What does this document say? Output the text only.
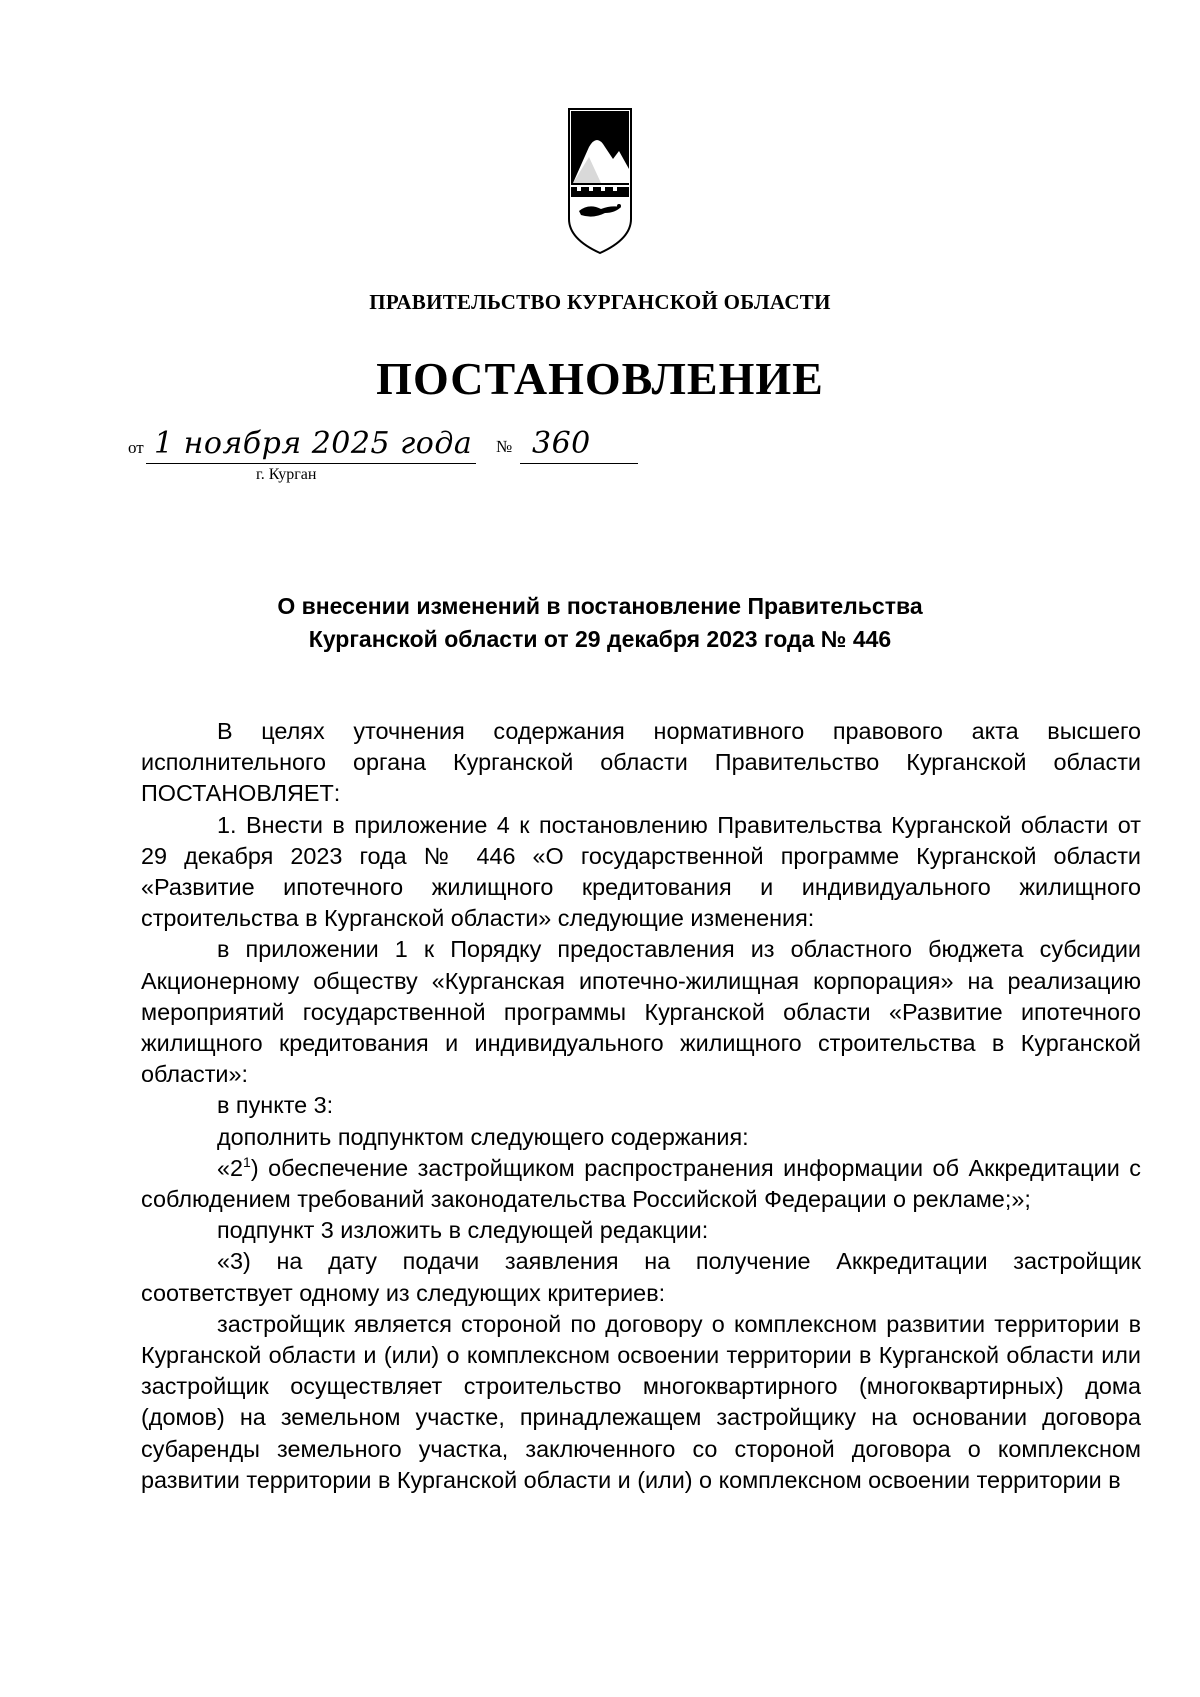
ПРАВИТЕЛЬСТВО КУРГАНСКОЙ ОБЛАСТИ
ПОСТАНОВЛЕНИЕ
от 1 ноября 2025 года № 360
г. Курган
О внесении изменений в постановление Правительства
Курганской области от 29 декабря 2023 года № 446

В целях уточнения содержания нормативного правового акта высшего исполнительного органа Курганской области Правительство Курганской области ПОСТАНОВЛЯЕТ:

1. Внести в приложение 4 к постановлению Правительства Курганской области от 29 декабря 2023 года № 446 «О государственной программе Курганской области «Развитие ипотечного жилищного кредитования и индивидуального жилищного строительства в Курганской области» следующие изменения:

в приложении 1 к Порядку предоставления из областного бюджета субсидии Акционерному обществу «Курганская ипотечно-жилищная корпорация» на реализацию мероприятий государственной программы Курганской области «Развитие ипотечного жилищного кредитования и индивидуального жилищного строительства в Курганской области»:

в пункте 3:

дополнить подпунктом следующего содержания:

«$2^1$) обеспечение застройщиком распространения информации об Аккредитации с соблюдением требований законодательства Российской Федерации о рекламе;»;

подпункт 3 изложить в следующей редакции:

«3) на дату подачи заявления на получение Аккредитации застройщик соответствует одному из следующих критериев:

застройщик является стороной по договору о комплексном развитии территории в Курганской области и (или) о комплексном освоении территории в Курганской области или застройщик осуществляет строительство многоквартирного (многоквартирных) дома (домов) на земельном участке, принадлежащем застройщику на основании договора субаренды земельного участка, заключенного со стороной договора о комплексном развитии территории в Курганской области и (или) о комплексном освоении территории в
